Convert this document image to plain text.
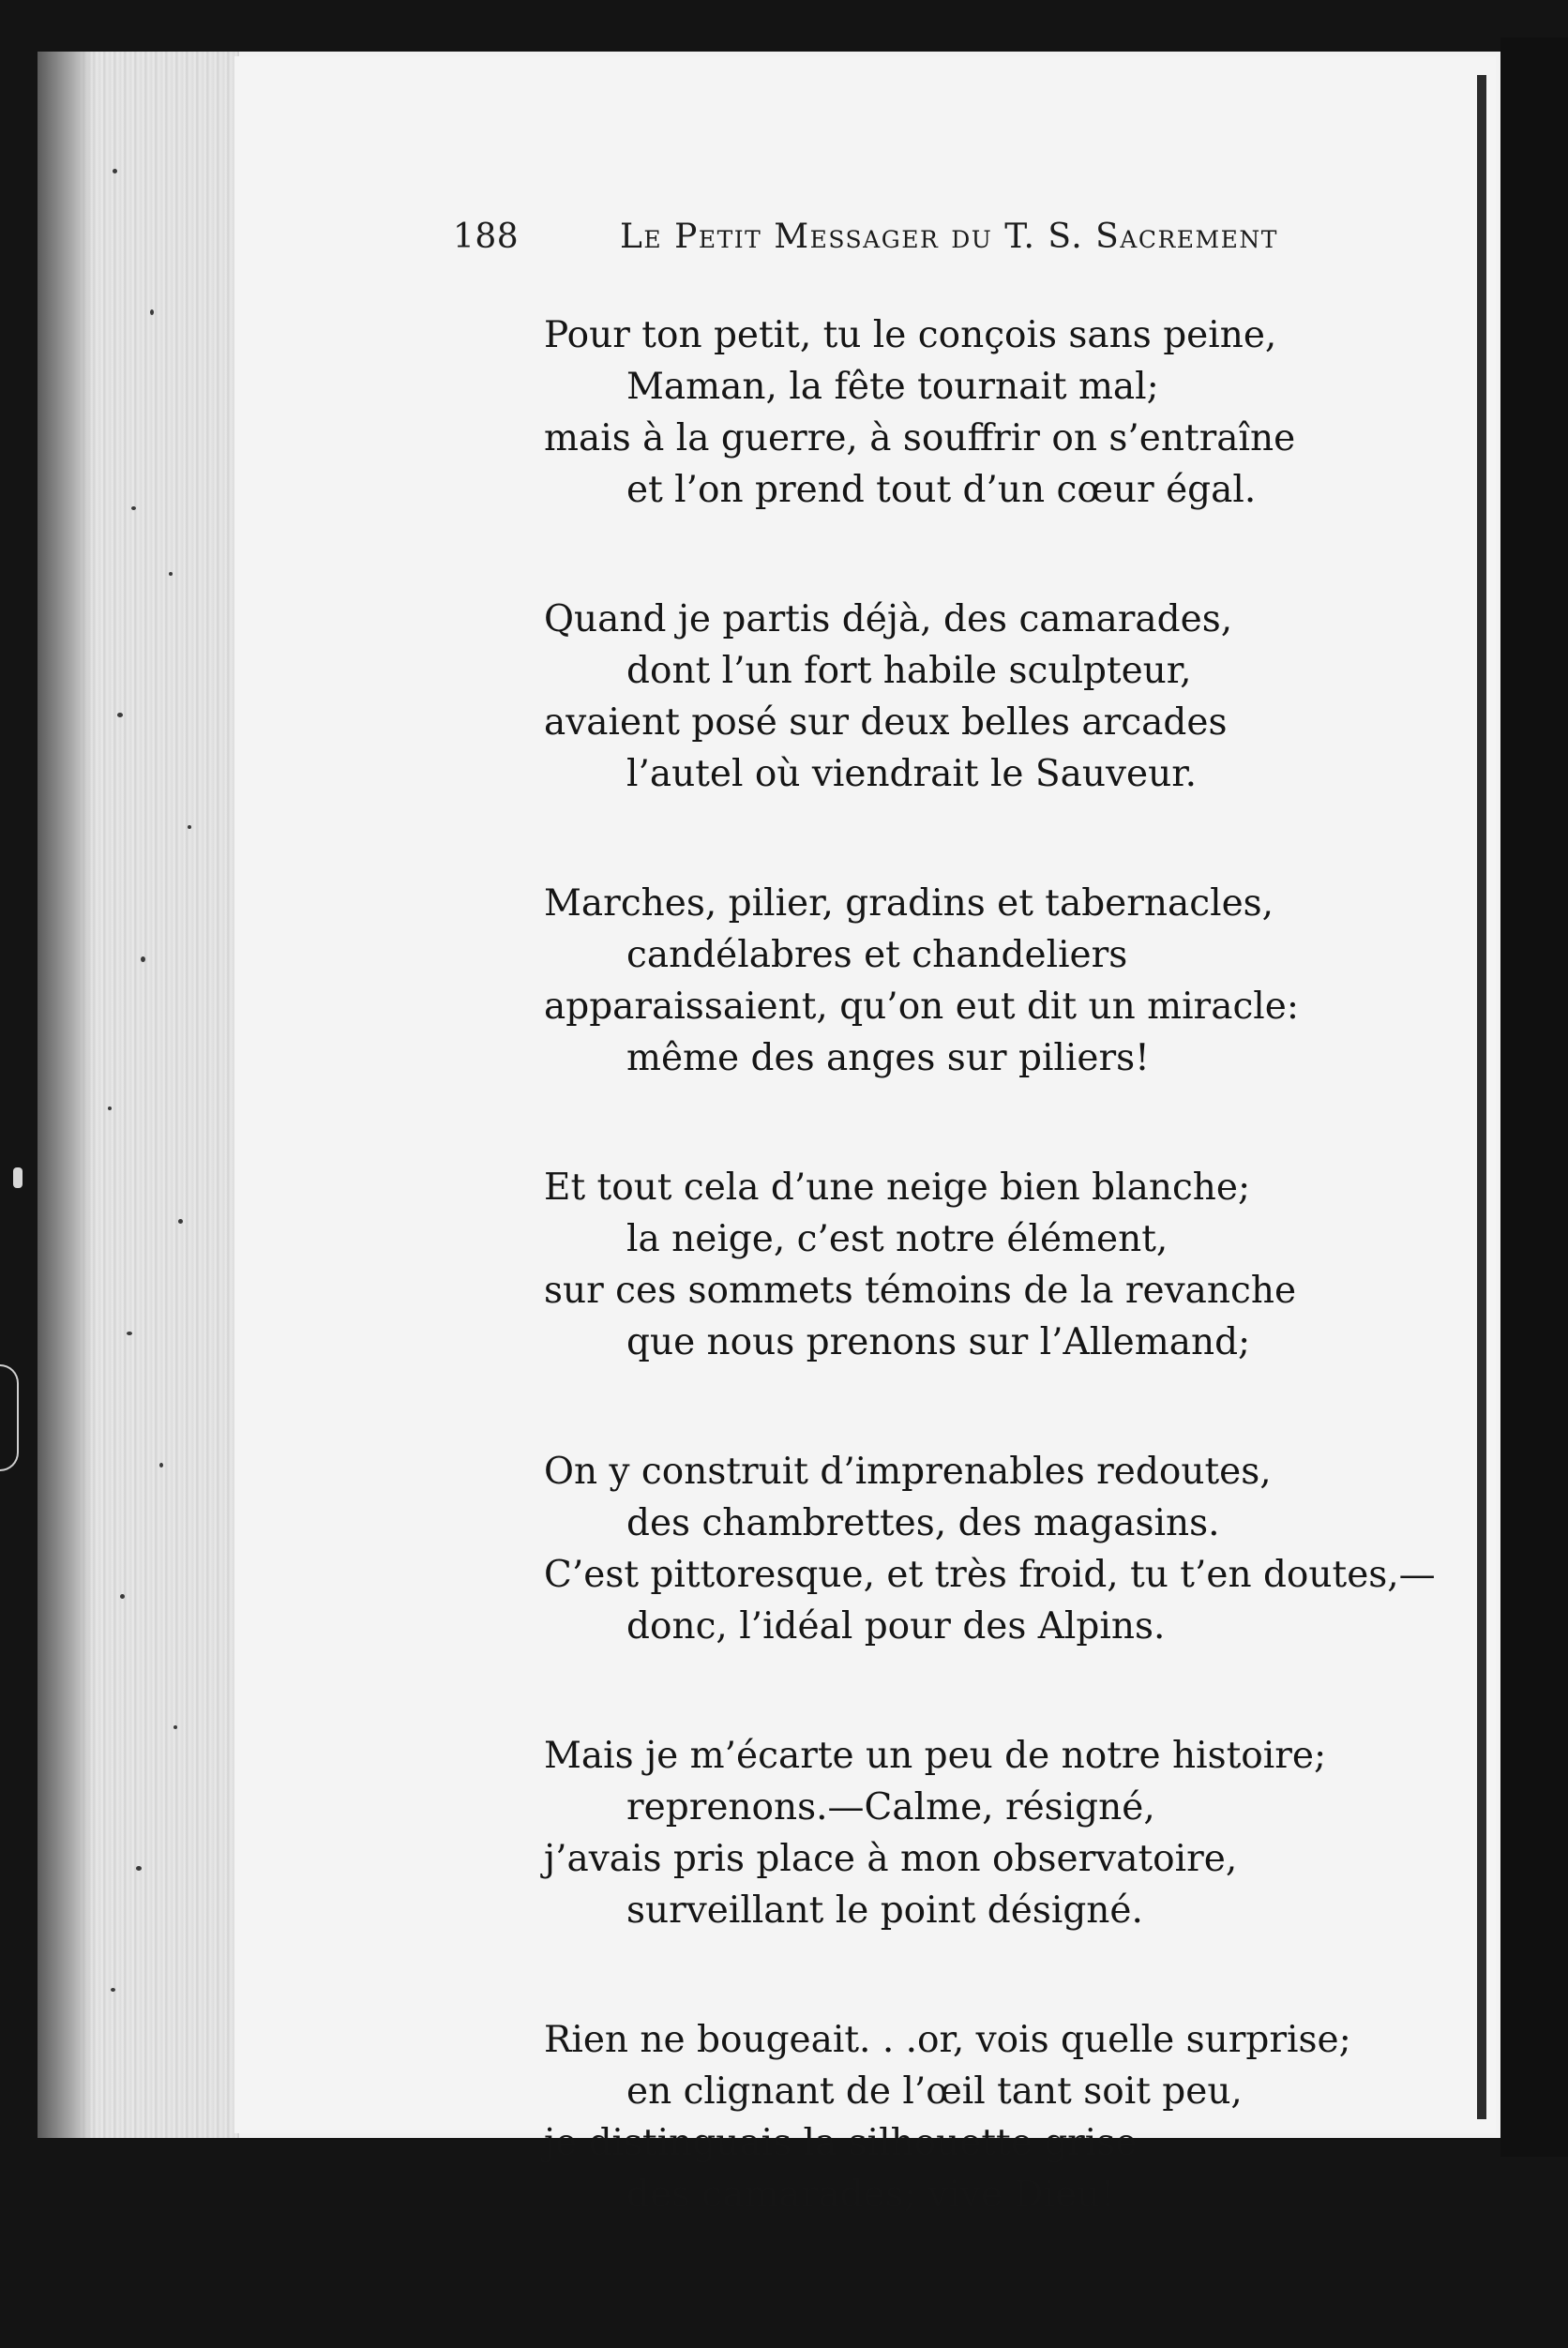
188	Le Petit Messager du T. S. Sacrement
Pour ton petit, tu le conçois sans peine,
Maman, la fête tournait mal;
mais à la guerre, à souffrir on s’entraîne
et l’on prend tout d’un cœur égal.
Quand je partis déjà, des camarades,
dont l’un fort habile sculpteur,
avaient posé sur deux belles arcades
l’autel où viendrait le Sauveur.
Marches, pilier, gradins et tabernacles,
candélabres et chandeliers
apparaissaient, qu’on eut dit un miracle:
même des anges sur piliers!
Et tout cela d’une neige bien blanche;
la neige, c’est notre élément,
sur ces sommets témoins de la revanche
que nous prenons sur l’Allemand;
On y construit d’imprenables redoutes,
des chambrettes, des magasins.
C’est pittoresque, et très froid, tu t’en doutes,—
donc, l’idéal pour des Alpins.
Mais je m’écarte un peu de notre histoire;
reprenons.—Calme, résigné,
j’avais pris place à mon observatoire,
surveillant le point désigné.
Rien ne bougeait. . .or, vois quelle surprise;
en clignant de l’œil tant soit peu,
je distinguais la silhouette grise
des camarades; vive Dieu!
